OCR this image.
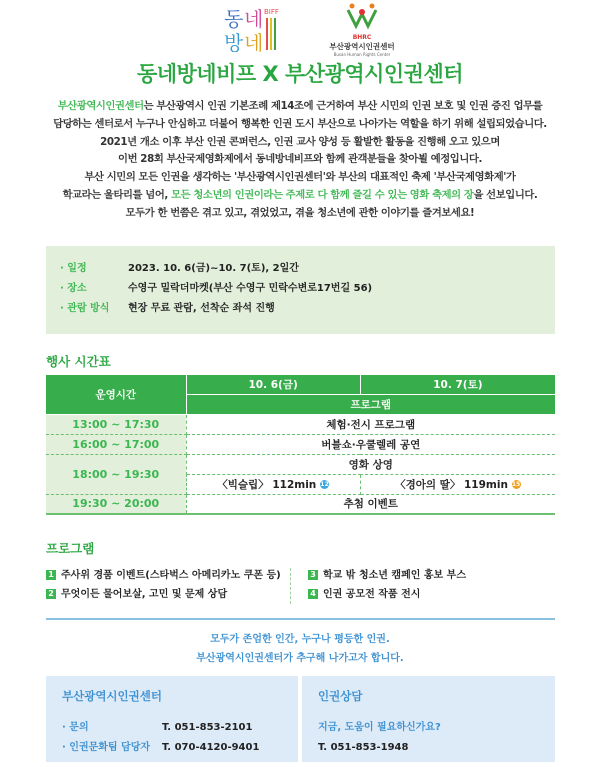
동 네
방 네
BIFF
BHRC
부산광역시인권센터
Busan Human Rights Center
동네방네비프 X 부산광역시인권센터
부산광역시인권센터는 부산광역시 인권 기본조례 제14조에 근거하여 부산 시민의 인권 보호 및 인권 증진 업무를
담당하는 센터로서 누구나 안심하고 더불어 행복한 인권 도시 부산으로 나아가는 역할을 하기 위해 설립되었습니다.
2021년 개소 이후 부산 인권 콘퍼런스, 인권 교사 양성 등 활발한 활동을 진행해 오고 있으며
이번 28회 부산국제영화제에서 동네방네비프와 함께 관객분들을 찾아뵐 예정입니다.
부산 시민의 모든 인권을 생각하는 '부산광역시인권센터'와 부산의 대표적인 축제 '부산국제영화제'가
학교라는 울타리를 넘어, 모든 청소년의 인권이라는 주제로 다 함께 즐길 수 있는 영화 축제의 장을 선보입니다.
모두가 한 번쯤은 겪고 있고, 겪었었고, 겪을 청소년에 관한 이야기를 즐겨보세요!
· 일정	2023. 10. 6(금)~10. 7(토), 2일간
· 장소	수영구 밀락더마켓(부산 수영구 민락수변로17번길 56)
· 관람 방식	현장 무료 관람, 선착순 좌석 진행
행사 시간표
운영시간	10. 6(금)	10. 7(토)
	프로그램	
13:00 ~ 17:30	체험·전시 프로그램	
16:00 ~ 17:00	버블쇼·우쿨렐레 공연	
18:00 ~ 19:30	영화 상영	
	〈빅슬립〉 112min 12	〈경아의 딸〉 119min 15
19:30 ~ 20:00	추첨 이벤트	
프로그램
1 주사위 경품 이벤트(스타벅스 아메리카노 쿠폰 등)
2 무엇이든 물어보살, 고민 및 문제 상담
3 학교 밖 청소년 캠페인 홍보 부스
4 인권 공모전 작품 전시
모두가 존엄한 인간, 누구나 평등한 인권.
부산광역시인권센터가 추구해 나가고자 합니다.
부산광역시인권센터
· 문의	T. 051-853-2101
· 인권문화팀 담당자	T. 070-4120-9401
인권상담
지금, 도움이 필요하신가요?
T. 051-853-1948
